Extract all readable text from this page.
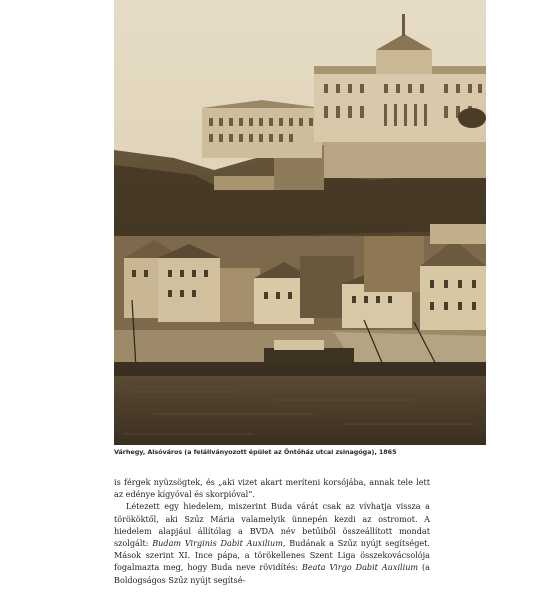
Várhegy, Alsóváros (a felállványozott épület az Öntőház utcai zsinagóga), 1865

is férgek nyüzsögtek, és „aki vizet akart meríteni korsójába, annak tele lett az edénye kígyóval és skorpióval”.

Létezett egy hiedelem, miszerint Buda várát csak az vívhatja vissza a törököktől, aki Szűz Mária valamelyik ünnepén kezdi az ostromot. A hiedelem alapjául állítólag a BVDA név betűiből összeállított mondat szolgált: Budam Virginis Dabit Auxilium, Budának a Szűz nyújt segítséget. Mások szerint XI. Ince pápa, a törökellenes Szent Liga összekovácsolója fogalmazta meg, hogy Buda neve rövidítés: Beata Virgo Dabit Auxilium (a Boldogságos Szűz nyújt segítsé-
